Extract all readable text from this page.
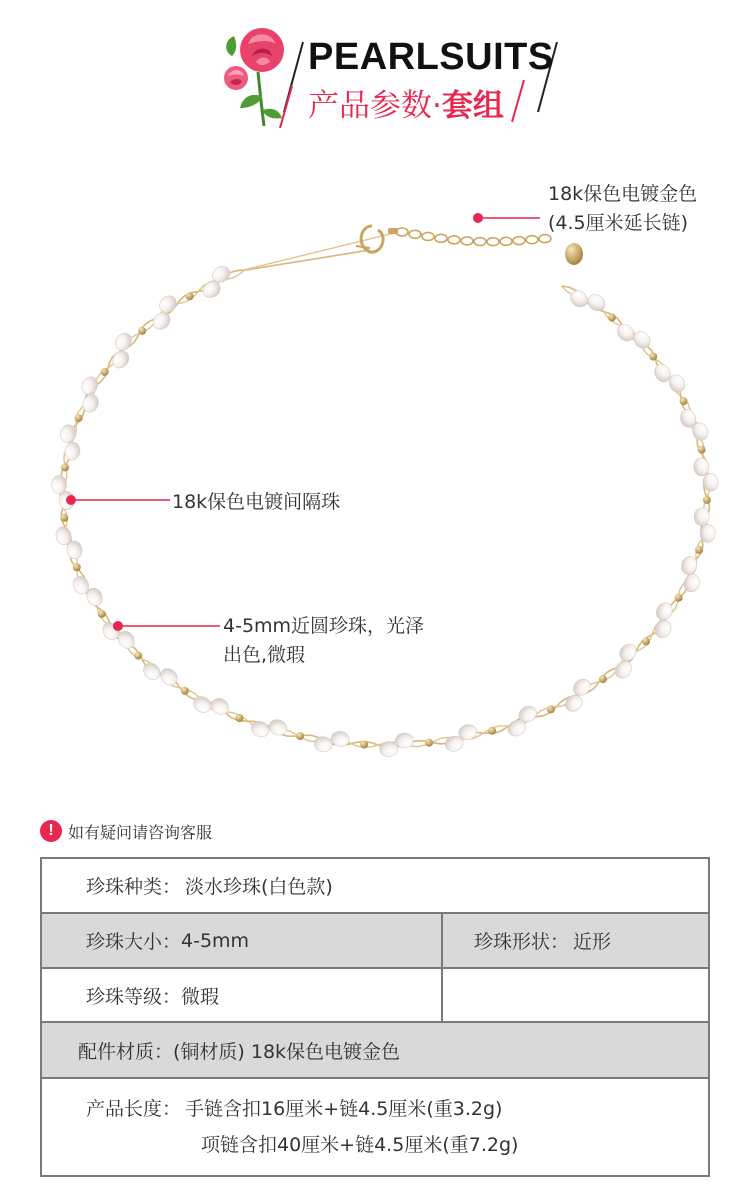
PEARLSUITS
产品参数·套组
18k保色电镀金色
(4.5厘米延长链)
18k保色电镀间隔珠
4-5mm近圆珍珠，光泽
出色,微瑕
! 如有疑问请咨询客服
珍珠种类： 淡水珍珠(白色款)
珍珠大小： 4-5mm	珍珠形状： 近形
珍珠等级： 微瑕
配件材质： (铜材质) 18k保色电镀金色
产品长度： 手链含扣16厘米+链4.5厘米(重3.2g)
项链含扣40厘米+链4.5厘米(重7.2g)
